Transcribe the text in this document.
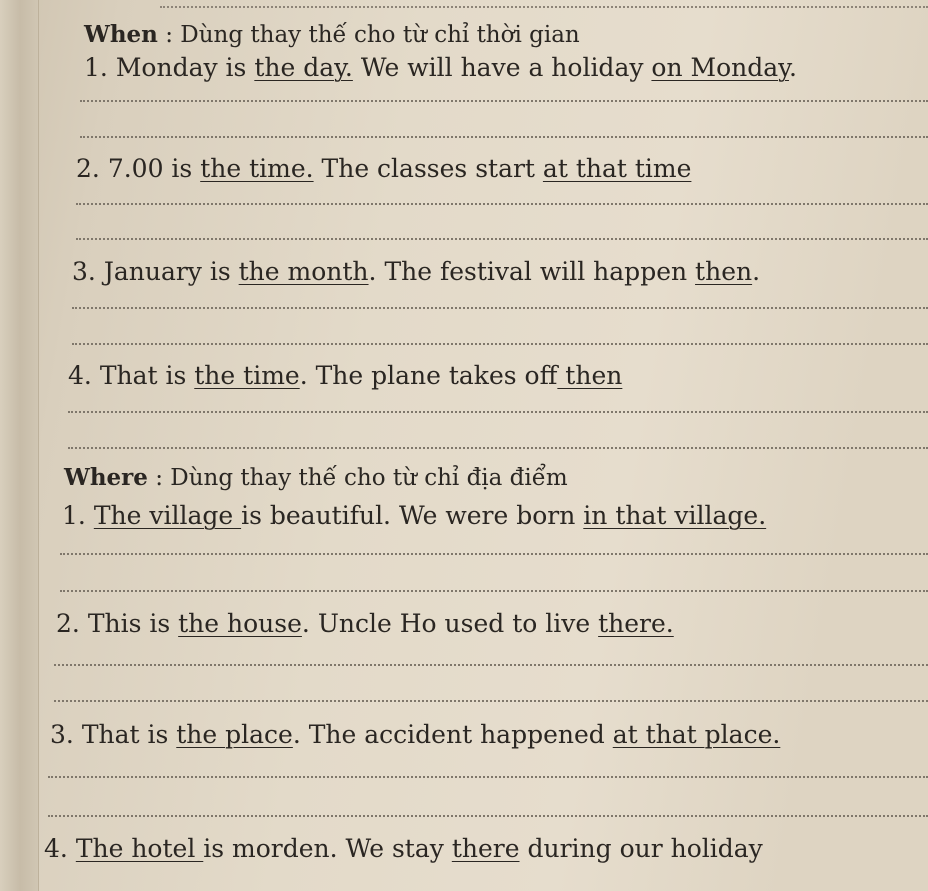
When : Dùng thay thế cho từ chỉ thời gian
1. Monday is the day. We will have a holiday on Monday.
2. 7.00 is the time. The classes start at that time
3. January is the month. The festival will happen then.
4. That is the time. The plane takes off then
Where : Dùng thay thế cho từ chỉ địa điểm
1. The village is beautiful. We were born in that village.
2. This is the house. Uncle Ho used to live there.
3. That is the place. The accident happened at that place.
4. The hotel is morden. We stay there during our holiday
